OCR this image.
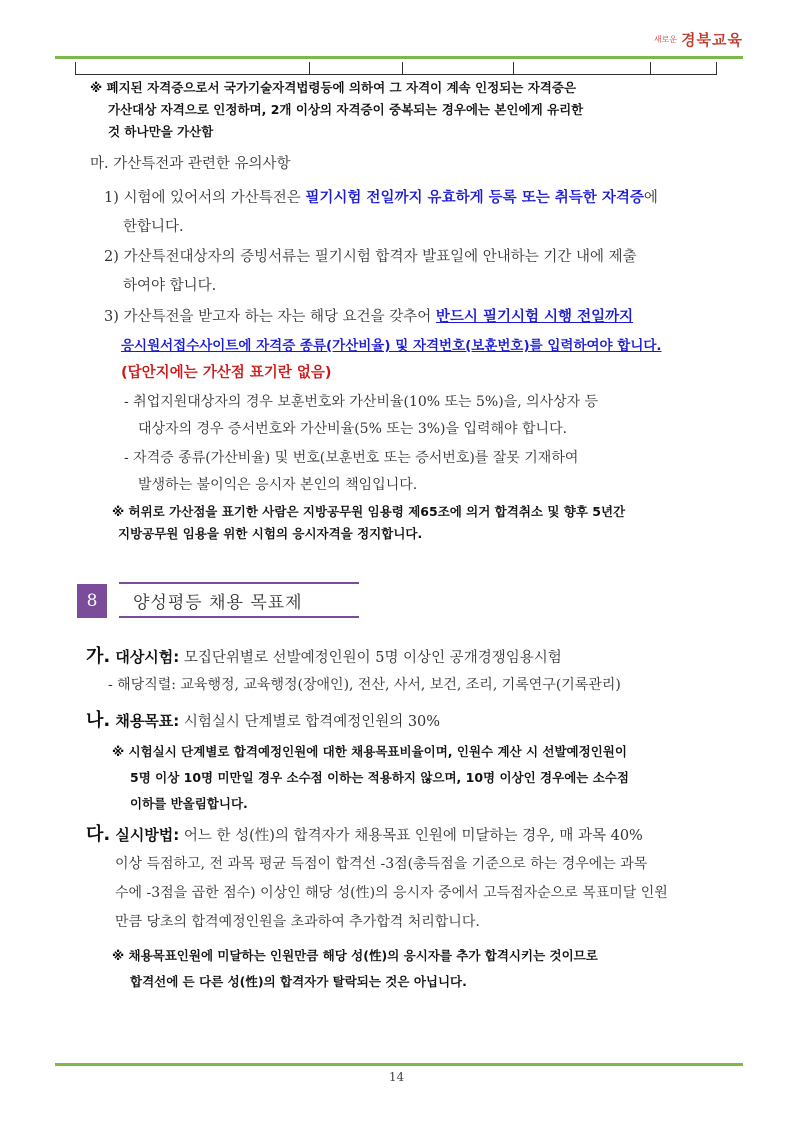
새로운 경북교육
※ 폐지된 자격증으로서 국가기술자격법령등에 의하여 그 자격이 계속 인정되는 자격증은
가산대상 자격으로 인정하며, 2개 이상의 자격증이 중복되는 경우에는 본인에게 유리한
것 하나만을 가산함
마. 가산특전과 관련한 유의사항
1) 시험에 있어서의 가산특전은 필기시험 전일까지 유효하게 등록 또는 취득한 자격증에
한합니다.
2) 가산특전대상자의 증빙서류는 필기시험 합격자 발표일에 안내하는 기간 내에 제출
하여야 합니다.
3) 가산특전을 받고자 하는 자는 해당 요건을 갖추어 반드시 필기시험 시행 전일까지
응시원서접수사이트에 자격증 종류(가산비율) 및 자격번호(보훈번호)를 입력하여야 합니다.
(답안지에는 가산점 표기란 없음)
- 취업지원대상자의 경우 보훈번호와 가산비율(10% 또는 5%)을, 의사상자 등
대상자의 경우 증서번호와 가산비율(5% 또는 3%)을 입력해야 합니다.
- 자격증 종류(가산비율) 및 번호(보훈번호 또는 증서번호)를 잘못 기재하여
발생하는 불이익은 응시자 본인의 책임입니다.
※ 허위로 가산점을 표기한 사람은 지방공무원 임용령 제65조에 의거 합격취소 및 향후 5년간
지방공무원 임용을 위한 시험의 응시자격을 정지합니다.
8	양성평등 채용 목표제
가. 대상시험: 모집단위별로 선발예정인원이 5명 이상인 공개경쟁임용시험
- 해당직렬: 교육행정, 교육행정(장애인), 전산, 사서, 보건, 조리, 기록연구(기록관리)
나. 채용목표: 시험실시 단계별로 합격예정인원의 30%
※ 시험실시 단계별로 합격예정인원에 대한 채용목표비율이며, 인원수 계산 시 선발예정인원이
5명 이상 10명 미만일 경우 소수점 이하는 적용하지 않으며, 10명 이상인 경우에는 소수점
이하를 반올림합니다.
다. 실시방법: 어느 한 성(性)의 합격자가 채용목표 인원에 미달하는 경우, 매 과목 40%
이상 득점하고, 전 과목 평균 득점이 합격선 -3점(총득점을 기준으로 하는 경우에는 과목
수에 -3점을 곱한 점수) 이상인 해당 성(性)의 응시자 중에서 고득점자순으로 목표미달 인원
만큼 당초의 합격예정인원을 초과하여 추가합격 처리합니다.
※ 채용목표인원에 미달하는 인원만큼 해당 성(性)의 응시자를 추가 합격시키는 것이므로
합격선에 든 다른 성(性)의 합격자가 탈락되는 것은 아닙니다.
14
